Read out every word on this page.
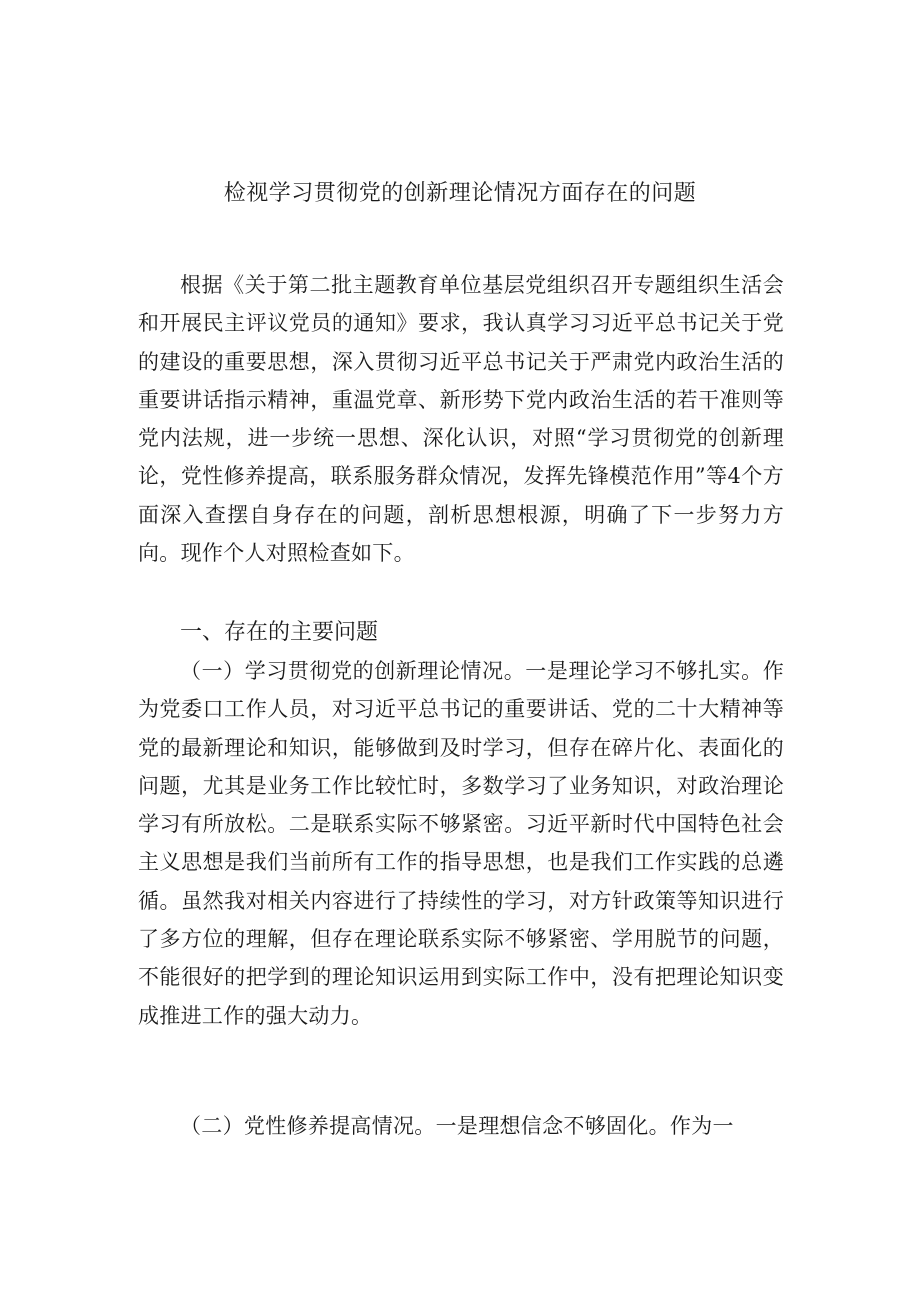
检视学习贯彻党的创新理论情况方面存在的问题

根据《关于第二批主题教育单位基层党组织召开专题组织生活会和开展民主评议党员的通知》要求，我认真学习习近平总书记关于党的建设的重要思想，深入贯彻习近平总书记关于严肃党内政治生活的重要讲话指示精神，重温党章、新形势下党内政治生活的若干准则等党内法规，进一步统一思想、深化认识，对照“学习贯彻党的创新理论，党性修养提高，联系服务群众情况，发挥先锋模范作用”等4个方面深入查摆自身存在的问题，剖析思想根源，明确了下一步努力方向。现作个人对照检查如下。

一、存在的主要问题

（一）学习贯彻党的创新理论情况。一是理论学习不够扎实。作为党委口工作人员，对习近平总书记的重要讲话、党的二十大精神等党的最新理论和知识，能够做到及时学习，但存在碎片化、表面化的问题，尤其是业务工作比较忙时，多数学习了业务知识，对政治理论学习有所放松。二是联系实际不够紧密。习近平新时代中国特色社会主义思想是我们当前所有工作的指导思想，也是我们工作实践的总遴循。虽然我对相关内容进行了持续性的学习，对方针政策等知识进行了多方位的理解，但存在理论联系实际不够紧密、学用脱节的问题，不能很好的把学到的理论知识运用到实际工作中，没有把理论知识变成推进工作的强大动力。

（二）党性修养提高情况。一是理想信念不够固化。作为一
